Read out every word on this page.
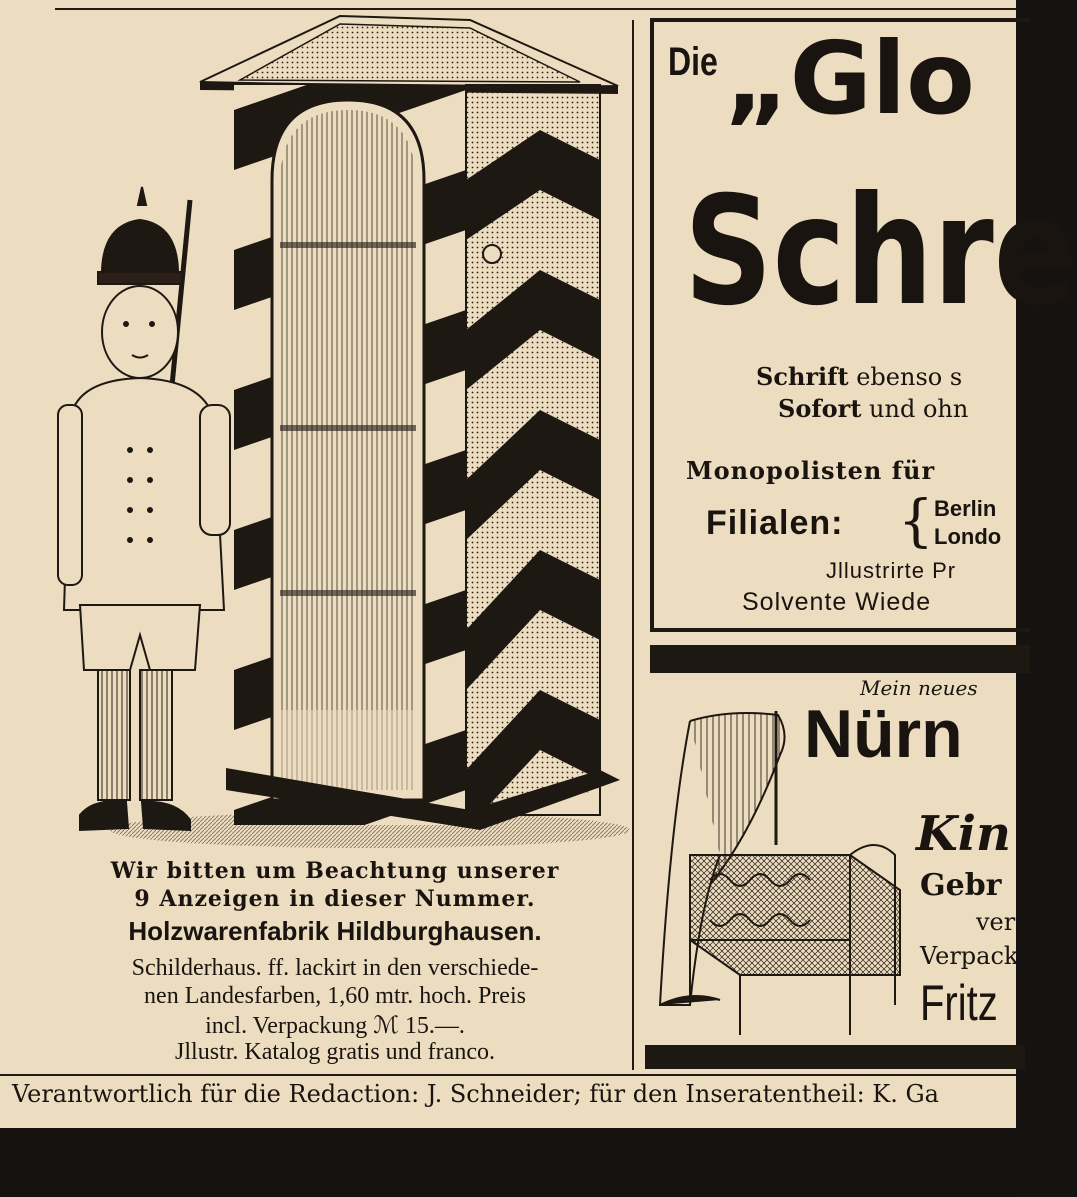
Wir bitten um Beachtung unserer
9 Anzeigen in dieser Nummer.
Holzwarenfabrik Hildburghausen.
Schilderhaus. ff. lackirt in den verschiede-
nen Landesfarben, 1,60 mtr. hoch. Preis
incl. Verpackung ℳ 15.—.
Jllustr. Katalog gratis und franco.
Die „Glo
Schre
Schrift ebenso s
Sofort und ohn
Monopolisten für
Filialen: { Berlin
Londo
Jllustrirte Pr
Solvente Wiede
Mein neues
Nürn
Kin
Gebr
ver
Verpack
Fritz
Verantwortlich für die Redaction: J. Schneider; für den Inseratentheil: K. Ga
